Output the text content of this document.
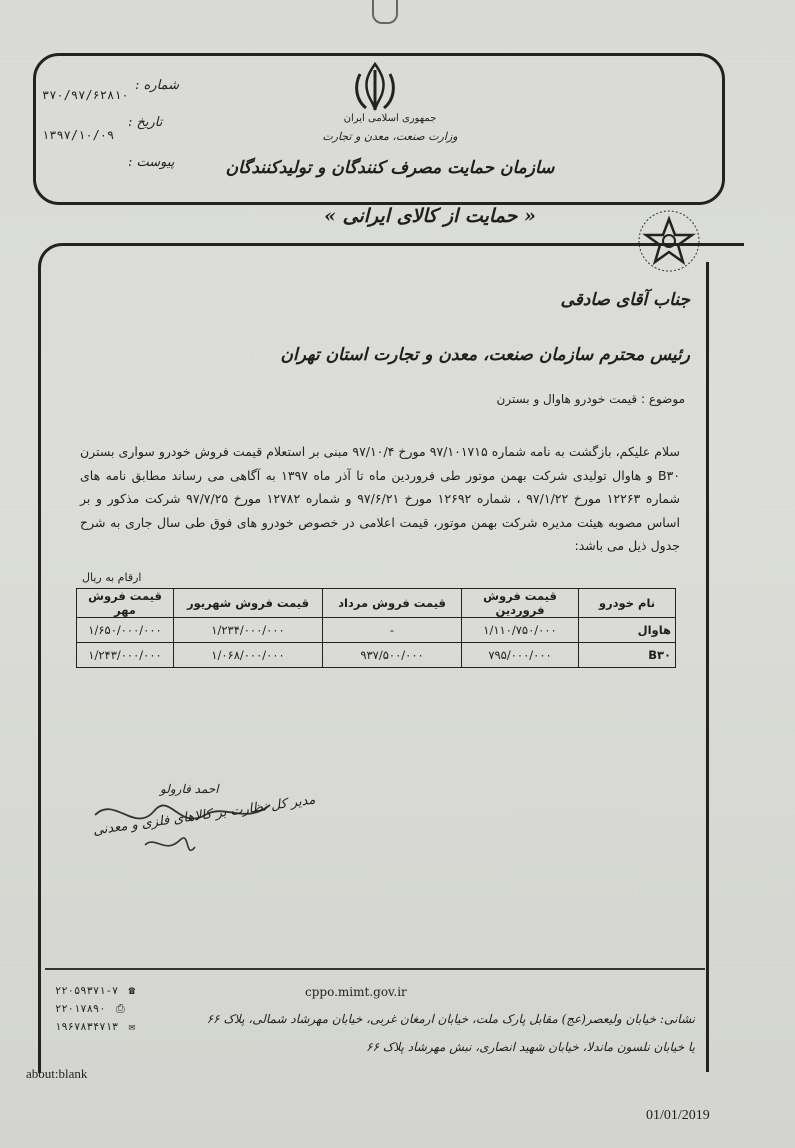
جمهوری اسلامی ایران
وزارت صنعت، معدن و تجارت
سازمان حمایت مصرف کنندگان و تولیدکنندگان
شماره :
۳۷۰/۹۷/۶۲۸۱۰
تاریخ :
۱۳۹۷/۱۰/۰۹
پیوست :
« حمایت از کالای ایرانی »
جناب آقای صادقی
رئیس محترم سازمان صنعت، معدن و تجارت استان تهران
موضوع : قیمت خودرو هاوال و بسترن
سلام علیکم، بازگشت به نامه شماره ۹۷/۱۰۱۷۱۵ مورخ ۹۷/۱۰/۴ مبنی بر استعلام قیمت فروش خودرو سواری بسترن B۳۰ و هاوال تولیدی شرکت بهمن موتور طی فروردین ماه تا آذر ماه ۱۳۹۷ به آگاهی می رساند مطابق نامه های شماره ۱۲۲۶۳ مورخ ۹۷/۱/۲۲ ، شماره ۱۲۶۹۲ مورخ ۹۷/۶/۲۱ و شماره ۱۲۷۸۲ مورخ ۹۷/۷/۲۵ شرکت مذکور و بر اساس مصوبه هیئت مدیره شرکت بهمن موتور، قیمت اعلامی در خصوص خودرو های فوق طی سال جاری به شرح جدول ذیل می باشد:
ارقام به ریال
نام خودرو	قیمت فروش فروردین	قیمت فروش مرداد	قیمت فروش شهریور	قیمت فروش مهر
هاوال	۱/۱۱۰/۷۵۰/۰۰۰	-	۱/۲۳۴/۰۰۰/۰۰۰	۱/۶۵۰/۰۰۰/۰۰۰
B۳۰	۷۹۵/۰۰۰/۰۰۰	۹۳۷/۵۰۰/۰۰۰	۱/۰۶۸/۰۰۰/۰۰۰	۱/۲۴۳/۰۰۰/۰۰۰
احمد فارولو
مدیر کل نظارت بر کالاهای فلزی و معدنی
cppo.mimt.gov.ir
۲۲۰۵۹۳۷۱-۷ ☎
۲۲۰۱۷۸۹۰ ⎙
۱۹۶۷۸۳۴۷۱۳ ✉
نشانی: خیابان ولیعصر(عج) مقابل پارک ملت، خیابان ارمغان غربی، خیابان مهرشاد شمالی، پلاک ۶۶
یا خیابان نلسون ماندلا، خیابان شهید انصاری، نبش مهرشاد پلاک ۶۶
about:blank
01/01/2019
